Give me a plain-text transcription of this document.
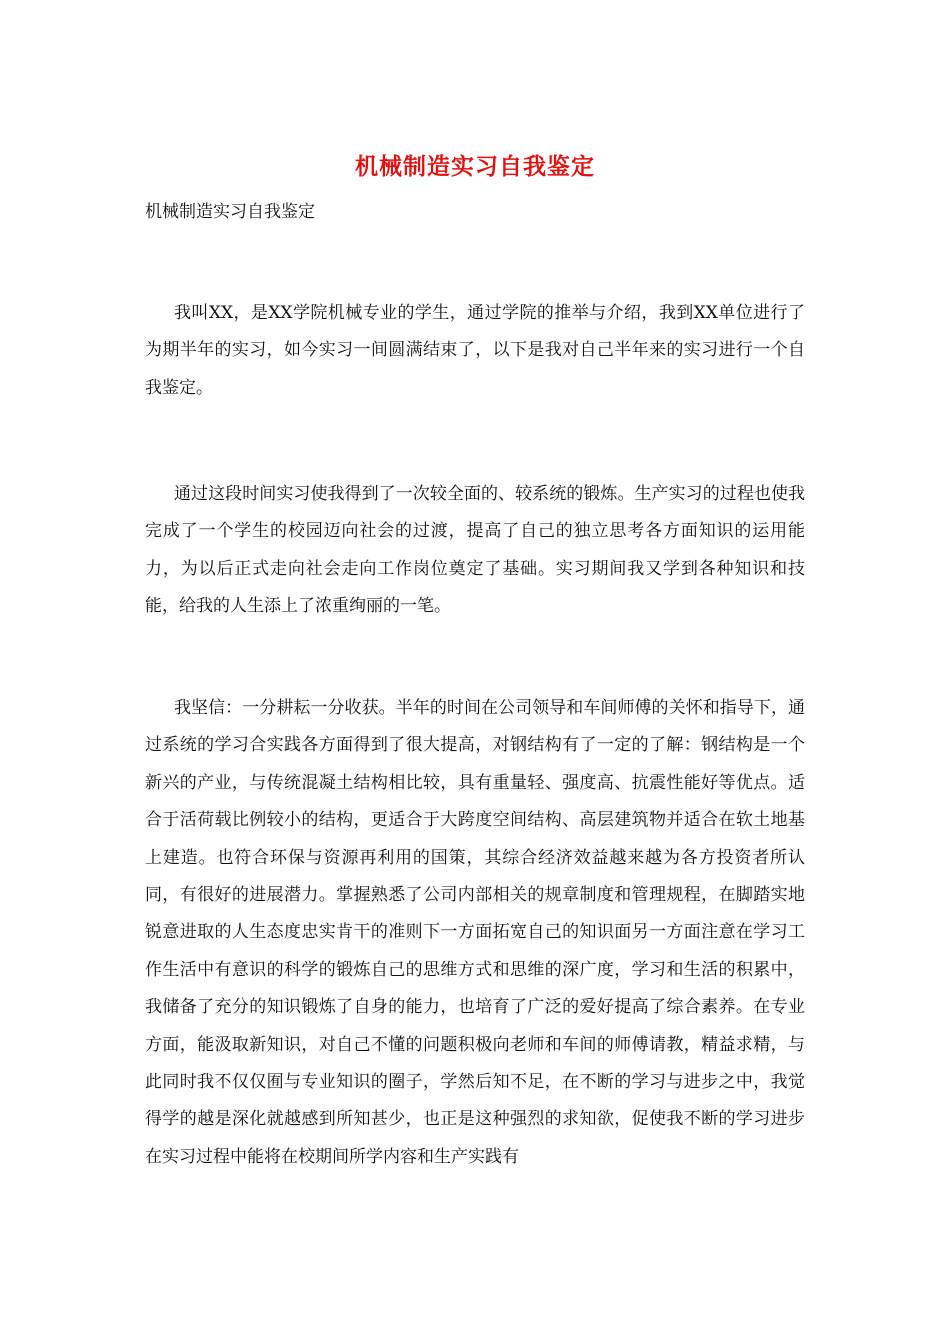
机械制造实习自我鉴定
机械制造实习自我鉴定

我叫XX，是XX学院机械专业的学生，通过学院的推举与介绍，我到XX单位进行了为期半年的实习，如今实习一间圆满结束了，以下是我对自己半年来的实习进行一个自我鉴定。

通过这段时间实习使我得到了一次较全面的、较系统的锻炼。生产实习的过程也使我完成了一个学生的校园迈向社会的过渡，提高了自己的独立思考各方面知识的运用能力，为以后正式走向社会走向工作岗位奠定了基础。实习期间我又学到各种知识和技能，给我的人生添上了浓重绚丽的一笔。

我坚信：一分耕耘一分收获。半年的时间在公司领导和车间师傅的关怀和指导下，通过系统的学习合实践各方面得到了很大提高，对钢结构有了一定的了解：钢结构是一个新兴的产业，与传统混凝土结构相比较，具有重量轻、强度高、抗震性能好等优点。适合于活荷载比例较小的结构，更适合于大跨度空间结构、高层建筑物并适合在软土地基上建造。也符合环保与资源再利用的国策，其综合经济效益越来越为各方投资者所认同，有很好的进展潜力。掌握熟悉了公司内部相关的规章制度和管理规程，在脚踏实地锐意进取的人生态度忠实肯干的准则下一方面拓宽自己的知识面另一方面注意在学习工作生活中有意识的科学的锻炼自己的思维方式和思维的深广度，学习和生活的积累中，我储备了充分的知识锻炼了自身的能力，也培育了广泛的爱好提高了综合素养。在专业方面，能汲取新知识，对自己不懂的问题积极向老师和车间的师傅请教，精益求精，与此同时我不仅仅囿与专业知识的圈子，学然后知不足，在不断的学习与进步之中，我觉得学的越是深化就越感到所知甚少，也正是这种强烈的求知欲，促使我不断的学习进步在实习过程中能将在校期间所学内容和生产实践有
